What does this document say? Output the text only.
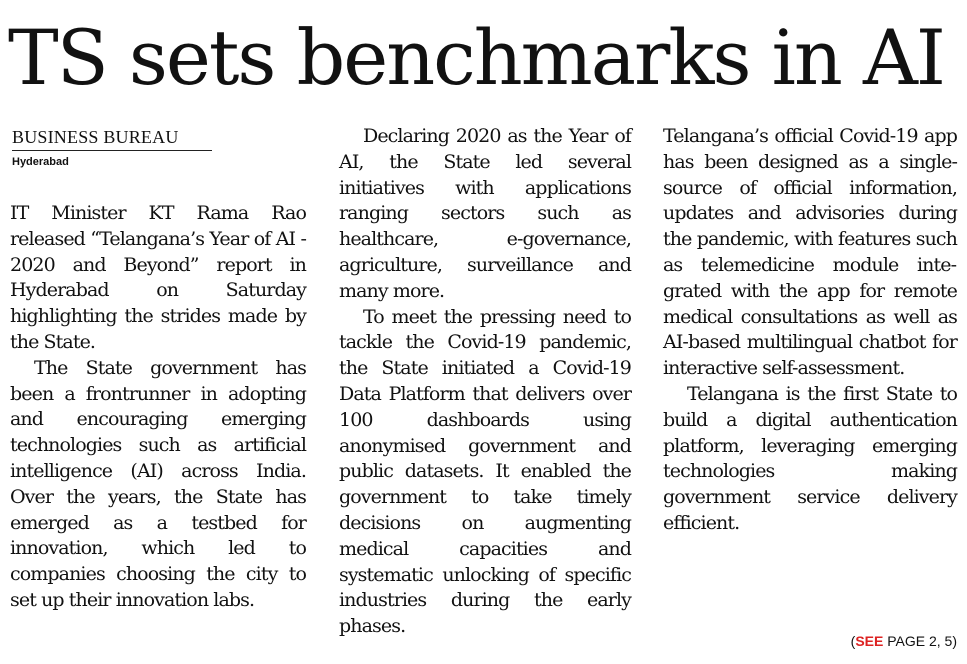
TS sets benchmarks in AI
BUSINESS BUREAU
Hyderabad

IT Minister KT Rama Rao released “Telangana’s Year of AI - 2020 and Beyond” report in Hyderabad on Saturday highlighting the strides made by the State.

The State government has been a frontrunner in adopting and encouraging emerging technologies such as artificial intelligence (AI) across India. Over the years, the State has emerged as a testbed for innovation, which led to companies choosing the city to set up their innovation labs.

Declaring 2020 as the Year of AI, the State led several initiatives with applications ranging sectors such as healthcare, e-governance, agriculture, surveillance and many more.

To meet the pressing need to tackle the Covid-19 pandemic, the State initiated a Covid-19 Data Platform that delivers over 100 dashboards using anonymised government and public datasets. It enabled the government to take timely decisions on augmenting medical capacities and systematic unlocking of specific industries during the early phases.

Telangana’s official Covid-19 app has been designed as a single-source of official information, updates and advisories during the pandemic, with features such as telemedicine module integrated with the app for remote medical consultations as well as AI-based multilingual chatbot for interactive self-assessment.

Telangana is the first State to build a digital authentication platform, leveraging emerging technologies making government service delivery efficient.

(SEE PAGE 2, 5)
